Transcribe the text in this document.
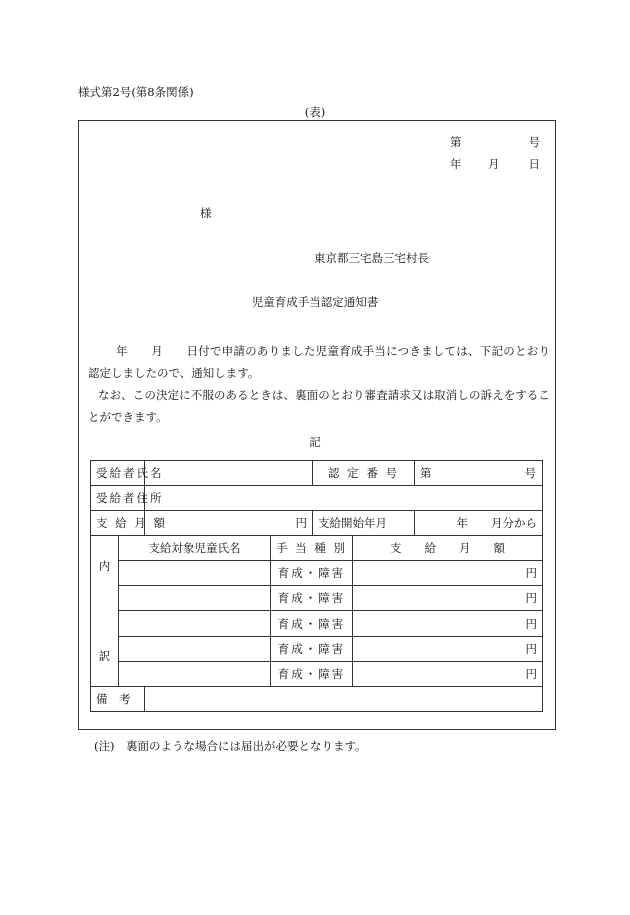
様式第2号(第8条関係)
(表)
第	号
年 月	日
様
東京都三宅島三宅村長
児童育成手当認定通知書
年　　月　　日付で申請のありました児童育成手当につきましては、下記のとおり認定しましたので、通知します。
なお、この決定に不服のあるときは、裏面のとおり審査請求又は取消しの訴えをすることができます。
記
受給者氏名				認 定 番 号		第 号

受給者住所						
支 給 月 額		円		支給開始年月		年　　月分から

内
訳	支給対象児童氏名		手 当 種 別		支　　給　　月　　額	
			育成・障害		円	
			育成・障害		円	
			育成・障害		円	
			育成・障害		円	
			育成・障害		円	
備　考						
(注)　裏面のような場合には届出が必要となります。
